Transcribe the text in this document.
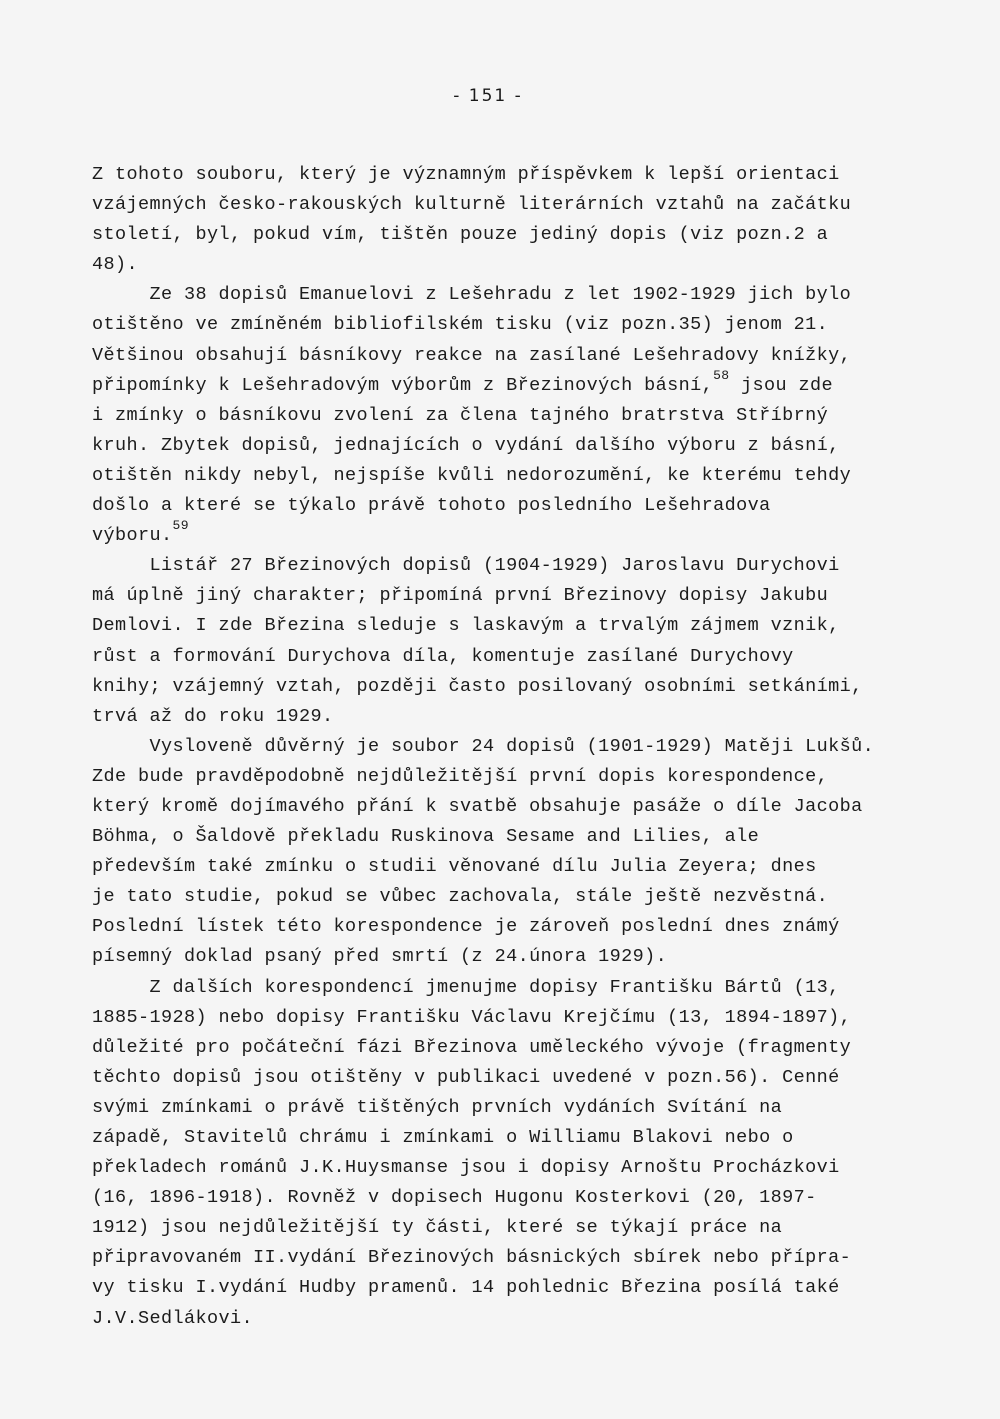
- 151 -
Z tohoto souboru, který je významným příspěvkem k lepší orientaci
vzájemných česko-rakouských kulturně literárních vztahů na začátku
století, byl, pokud vím, tištěn pouze jediný dopis (viz pozn.2 a
48).
Ze 38 dopisů Emanuelovi z Lešehradu z let 1902-1929 jich bylo
otištěno ve zmíněném bibliofilském tisku (viz pozn.35) jenom 21.
Většinou obsahují básníkovy reakce na zasílané Lešehradovy knížky,
připomínky k Lešehradovým výborům z Březinových básní,$^{58}$ jsou zde
i zmínky o básníkovu zvolení za člena tajného bratrstva Stříbrný
kruh. Zbytek dopisů, jednajících o vydání dalšího výboru z básní,
otištěn nikdy nebyl, nejspíše kvůli nedorozumění, ke kterému tehdy
došlo a které se týkalo právě tohoto posledního Lešehradova
výboru.$^{59}$
Listář 27 Březinových dopisů (1904-1929) Jaroslavu Durychovi
má úplně jiný charakter; připomíná první Březinovy dopisy Jakubu
Demlovi. I zde Březina sleduje s laskavým a trvalým zájmem vznik,
růst a formování Durychova díla, komentuje zasílané Durychovy
knihy; vzájemný vztah, později často posilovaný osobními setkáními,
trvá až do roku 1929.
Vysloveně důvěrný je soubor 24 dopisů (1901-1929) Matěji Lukšů.
Zde bude pravděpodobně nejdůležitější první dopis korespondence,
který kromě dojímavého přání k svatbě obsahuje pasáže o díle Jacoba
Böhma, o Šaldově překladu Ruskinova Sesame and Lilies, ale
především také zmínku o studii věnované dílu Julia Zeyera; dnes
je tato studie, pokud se vůbec zachovala, stále ještě nezvěstná.
Poslední lístek této korespondence je zároveň poslední dnes známý
písemný doklad psaný před smrtí (z 24.února 1929).
Z dalších korespondencí jmenujme dopisy Františku Bártů (13,
1885-1928) nebo dopisy Františku Václavu Krejčímu (13, 1894-1897),
důležité pro počáteční fázi Březinova uměleckého vývoje (fragmenty
těchto dopisů jsou otištěny v publikaci uvedené v pozn.56). Cenné
svými zmínkami o právě tištěných prvních vydáních Svítání na
západě, Stavitelů chrámu i zmínkami o Williamu Blakovi nebo o
překladech románů J.K.Huysmanse jsou i dopisy Arnoštu Procházkovi
(16, 1896-1918). Rovněž v dopisech Hugonu Kosterkovi (20, 1897-
1912) jsou nejdůležitější ty části, které se týkají práce na
připravovaném II.vydání Březinových básnických sbírek nebo přípra-
vy tisku I.vydání Hudby pramenů. 14 pohlednic Březina posílá také
J.V.Sedlákovi.
